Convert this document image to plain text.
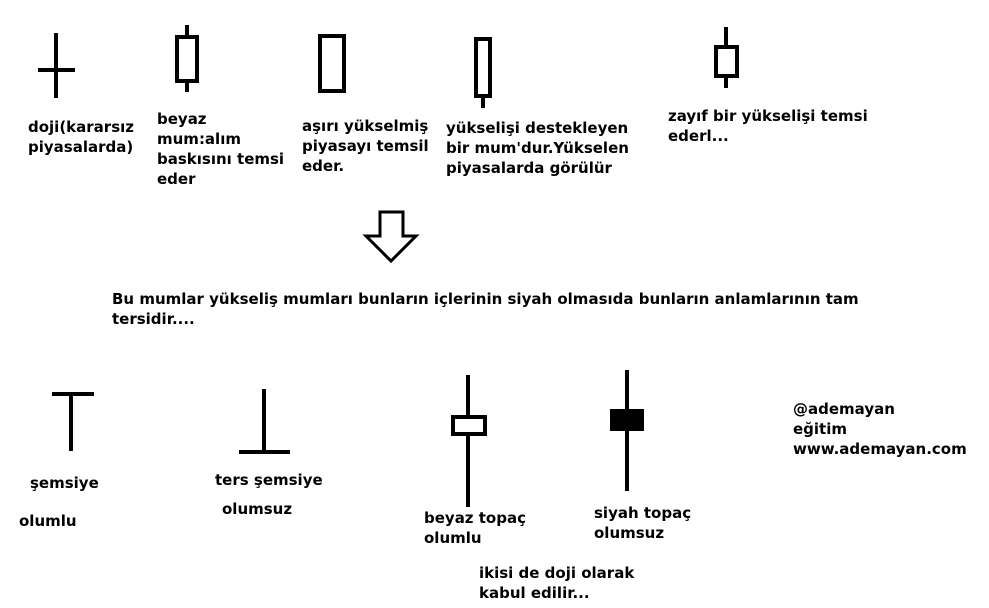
doji(kararsız
piyasalarda)

beyaz
mum:alım
baskısını temsi
eder

aşırı yükselmiş
piyasayı temsil
eder.

yükselişi destekleyen
bir mum'dur.Yükselen
piyasalarda görülür

zayıf bir yükselişi temsi
ederl...

Bu mumlar yükseliş mumları bunların içlerinin siyah olmasıda bunların anlamlarının tam
tersidir....

şemsiye

olumlu

ters şemsiye

olumsuz	beyaz topaç
olumlu

siyah topaç
olumsuz

ikisi de doji olarak
kabul edilir...

@ademayan
eğitim
www.ademayan.com
